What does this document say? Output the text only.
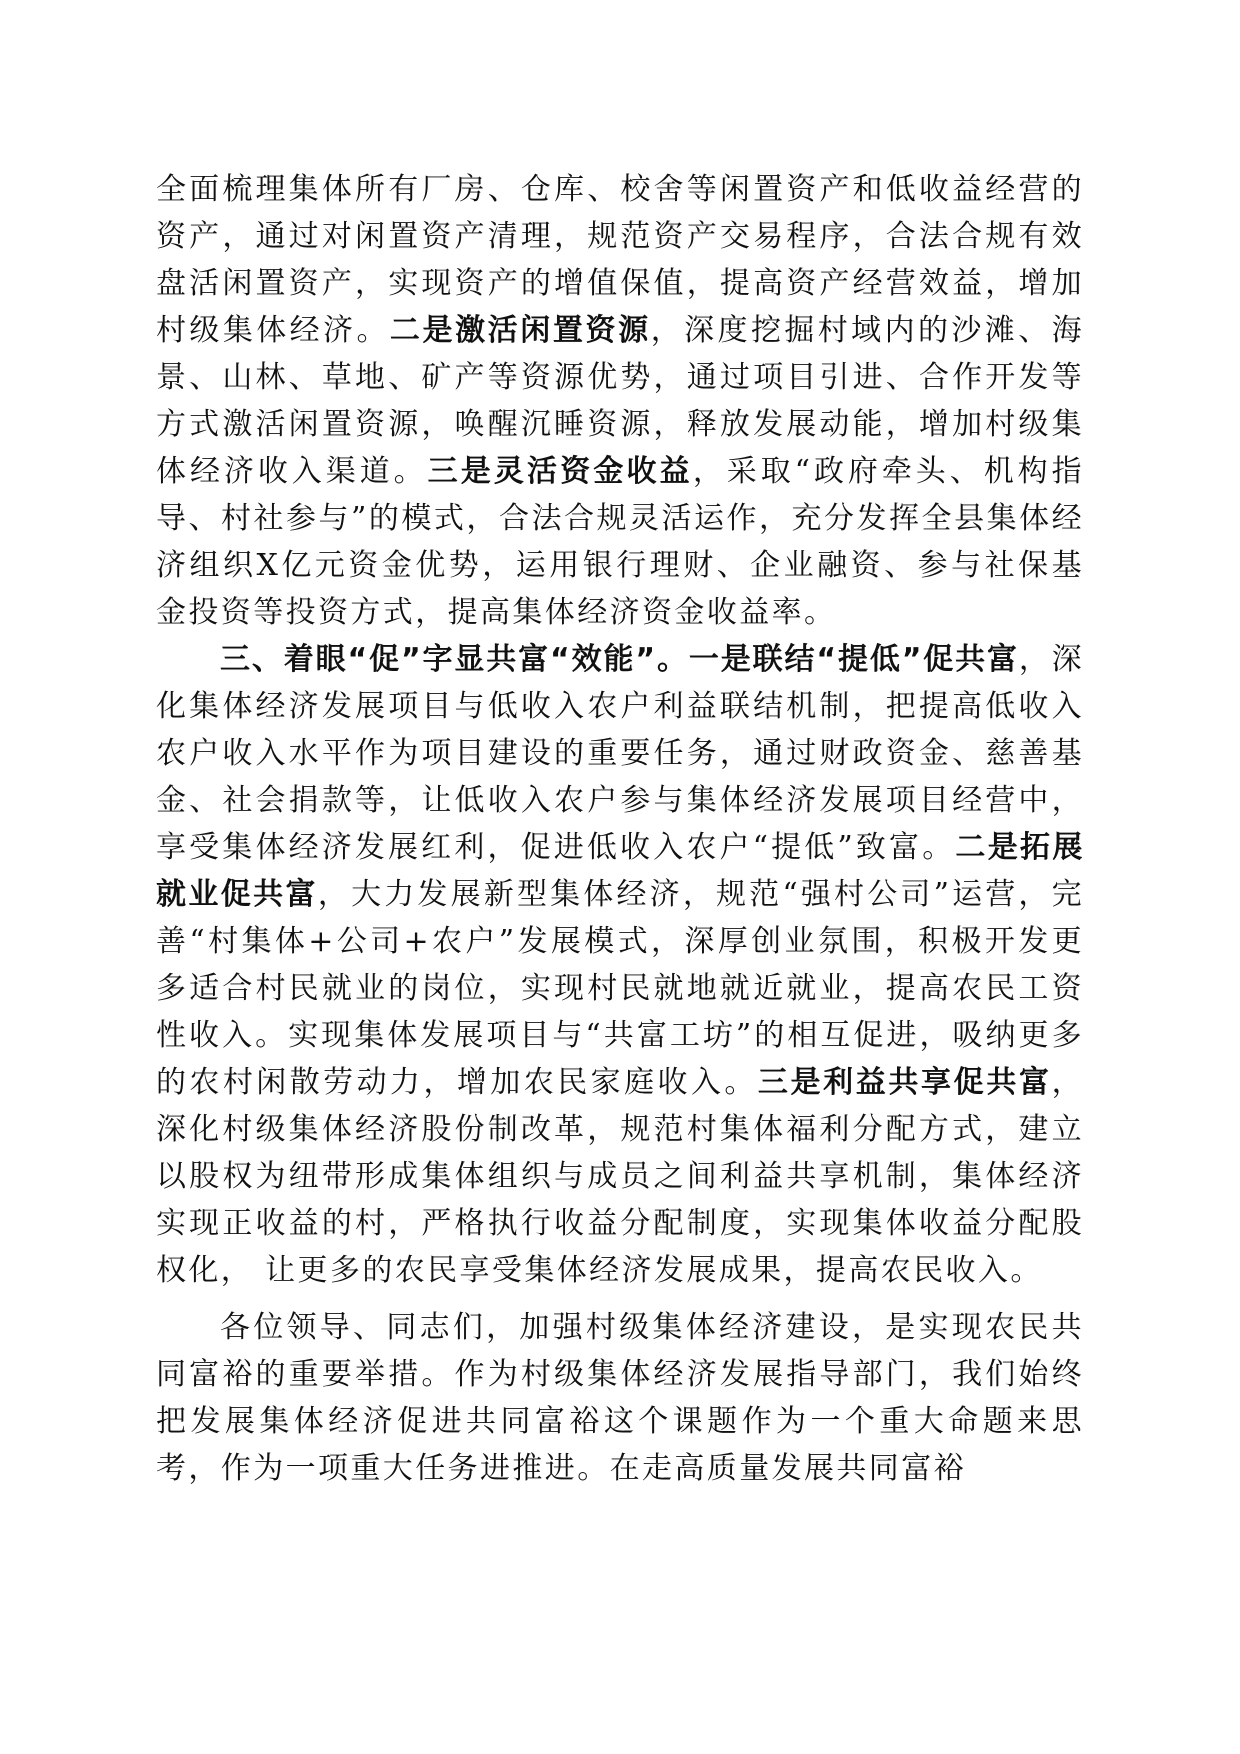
全面梳理集体所有厂房、仓库、校舍等闲置资产和低收益经营的资产，通过对闲置资产清理，规范资产交易程序，合法合规有效盘活闲置资产，实现资产的增值保值，提高资产经营效益，增加村级集体经济。二是激活闲置资源，深度挖掘村域内的沙滩、海景、山林、草地、矿产等资源优势，通过项目引进、合作开发等方式激活闲置资源，唤醒沉睡资源，释放发展动能，增加村级集体经济收入渠道。三是灵活资金收益，采取“政府牵头、机构指导、村社参与”的模式，合法合规灵活运作，充分发挥全县集体经济组织X亿元资金优势，运用银行理财、企业融资、参与社保基金投资等投资方式，提高集体经济资金收益率。

三、着眼“促”字显共富“效能”。一是联结“提低”促共富，深化集体经济发展项目与低收入农户利益联结机制，把提高低收入农户收入水平作为项目建设的重要任务，通过财政资金、慈善基金、社会捐款等，让低收入农户参与集体经济发展项目经营中，享受集体经济发展红利，促进低收入农户“提低”致富。二是拓展就业促共富，大力发展新型集体经济，规范“强村公司”运营，完善“村集体+公司+农户”发展模式，深厚创业氛围，积极开发更多适合村民就业的岗位，实现村民就地就近就业，提高农民工资性收入。实现集体发展项目与“共富工坊”的相互促进，吸纳更多的农村闲散劳动力，增加农民家庭收入。三是利益共享促共富，深化村级集体经济股份制改革，规范村集体福利分配方式，建立以股权为纽带形成集体组织与成员之间利益共享机制，集体经济实现正收益的村，严格执行收益分配制度，实现集体收益分配股权化， 让更多的农民享受集体经济发展成果，提高农民收入。

各位领导、同志们，加强村级集体经济建设，是实现农民共同富裕的重要举措。作为村级集体经济发展指导部门，我们始终把发展集体经济促进共同富裕这个课题作为一个重大命题来思考，作为一项重大任务进推进。在走高质量发展共同富裕
